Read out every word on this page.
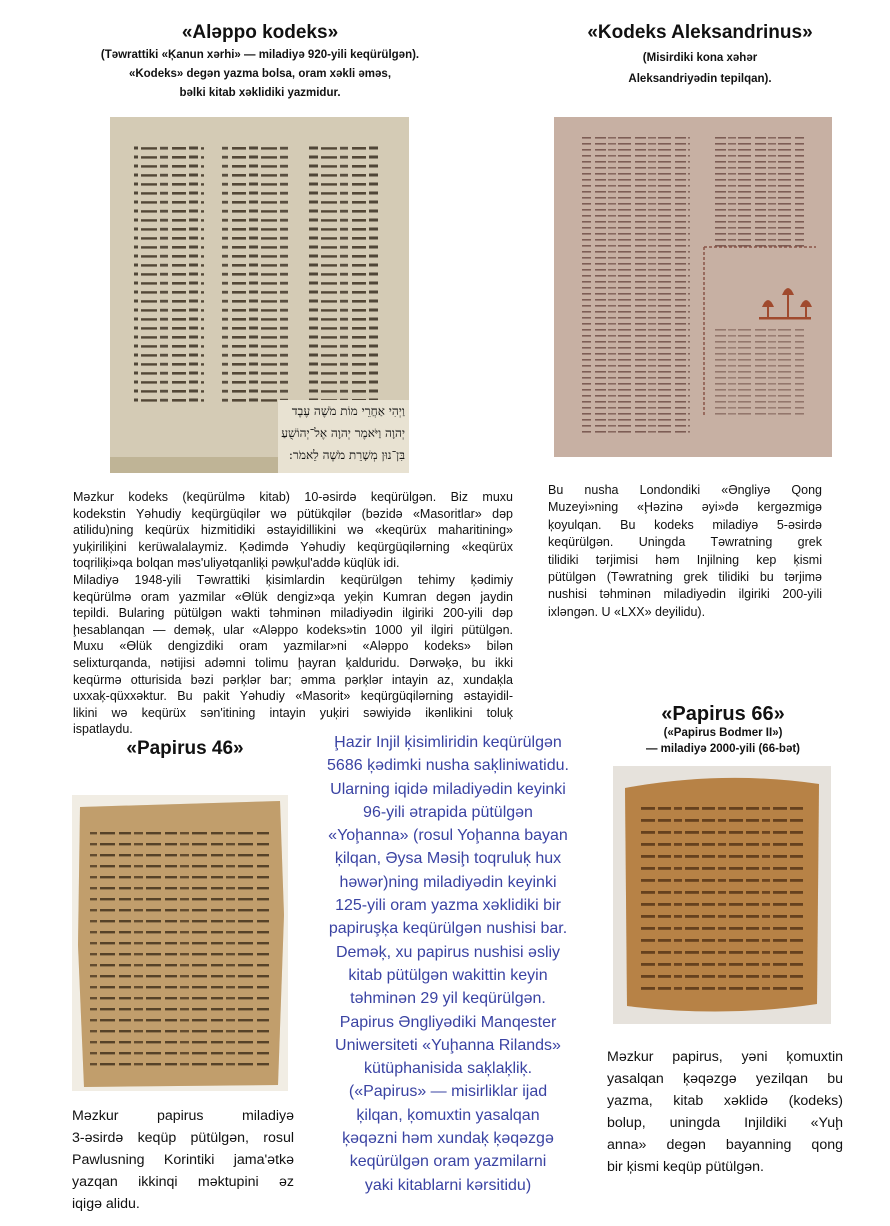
«Aləppo kodeks»
(Təwrattiki «Ķanun xərhi» — miladiyə 920-yili keqürülgən).
«Kodeks» degən yazma bolsa, oram xəkli əməs,
bəlki kitab xəklidiki yazmidur.
וַיְהִי אַחֲרֵי מוֹת מֹשֶׁה עֶבֶד
יְהוָה וַיֹּאמֶר יְהוָה אֶל־יְהוֹשֻׁעַ
בִּן־נוּן מְשָׁרֵת מֹשֶׁה לֵאמֹר:
Məzkur kodeks (keqürülmə kitab) 10-əsirdə keqürülgən. Biz muxu
kodekstin Yəhudiy keqürgüqilər wə pütükqilər (bəzidə «Masoritlar» dəp
atilidu)ning keqürüx hizmitidiki əstayidillikini wə «keqürüx maharitining»
yuķiriliķini kerüwalalaymiz. Ķədimdə Yəhudiy keqürgüqilərning «keqürüx
toqriliķi»qa bolqan məs'uliyətqanliķi pəwķul'addə küqlük idi.
Miladiyə 1948-yili Təwrattiki ķisimlardin keqürülgən tehimy ķədimiy
keqürülmə oram yazmilar «Ɵlük dengiz»qa yeķin Kumran degən jaydin
tepildi. Bularing pütülgən wakti təhminən miladiyədin ilgiriki 200-yili dəp
ḩesablanqan — deməķ, ular «Aləppo kodeks»tin 1000 yil ilgiri pütülgən.
Muxu «Ɵlük dengizdiki oram yazmilar»ni «Aləppo kodeks» bilən
selixturqanda, nətijisi adəmni tolimu ḩayran ķalduridu. Dərwəķə, bu ikki
keqürmə otturisida bəzi pərķlər bar; əmma pərķlər intayin az, xundaķla
uxxaķ-qüxxəktur. Bu pakit Yəhudiy «Masorit» keqürgüqilərning əstayidil-
likini wə keqürüx sən'itining intayin yuķiri səwiyidə ikənlikini toluķ
ispatlaydu.
«Kodeks Aleksandrinus»
(Misirdiki kona xəhər
Aleksandriyədin tepilqan).
Bu nusha Londondiki «Əngliyə Qong
Muzeyi»ning «Ḩəzinə əyi»də kergəzmigə
ķoyulqan. Bu kodeks miladiyə 5-əsirdə
keqürülgən. Uningda Təwratning grek
tilidiki tərjimisi həm Injilning kep ķismi
pütülgən (Təwratning grek tilidiki bu tərjimə
nushisi təhminən miladiyədin ilgiriki 200-yili
ixləngən. U «LXX» deyilidu).
«Papirus 46»
Məzkur papirus miladiyə
3-əsirdə keqüp pütülgən, rosul
Pawlusning Korintiki jama'ətkə
yazqan ikkinqi məktupini əz
iqigə alidu.
Ḩazir Injil ķisimliridin keqürülgən
5686 ķədimki nusha saķliniwatidu.
Ularning iqidə miladiyədin keyinki
96-yili ətrapida pütülgən
«Yoḩanna» (rosul Yoḩanna bayan
ķilqan, Əysa Məsiḩ toqruluķ hux
həwər)ning miladiyədin keyinki
125-yili oram yazma xəklidiki bir
papiruşķa keqürülgən nushisi bar.
Deməķ, xu papirus nushisi əsliy
kitab pütülgən wakittin keyin
təhminən 29 yil keqürülgən.
Papirus Əngliyədiki Manqester
Uniwersiteti «Yuḩanna Rilands»
kütüphanisida saķlaķliķ.
(«Papirus» — misirliklar ijad
ķilqan, ķomuxtin yasalqan
ķəqəzni həm xundaķ ķəqəzgə
keqürülgən oram yazmilarni
yaki kitablarni kərsitidu)
«Papirus 66»
(«Papirus Bodmer II»)
— miladiyə 2000-yili (66-bət)
Məzkur papirus, yəni ķomuxtin
yasalqan ķəqəzgə yezilqan bu
yazma, kitab xəklidə (kodeks)
bolup, uningda Injildiki «Yuḩ
anna» degən bayanning qong
bir ķismi keqüp pütülgən.
